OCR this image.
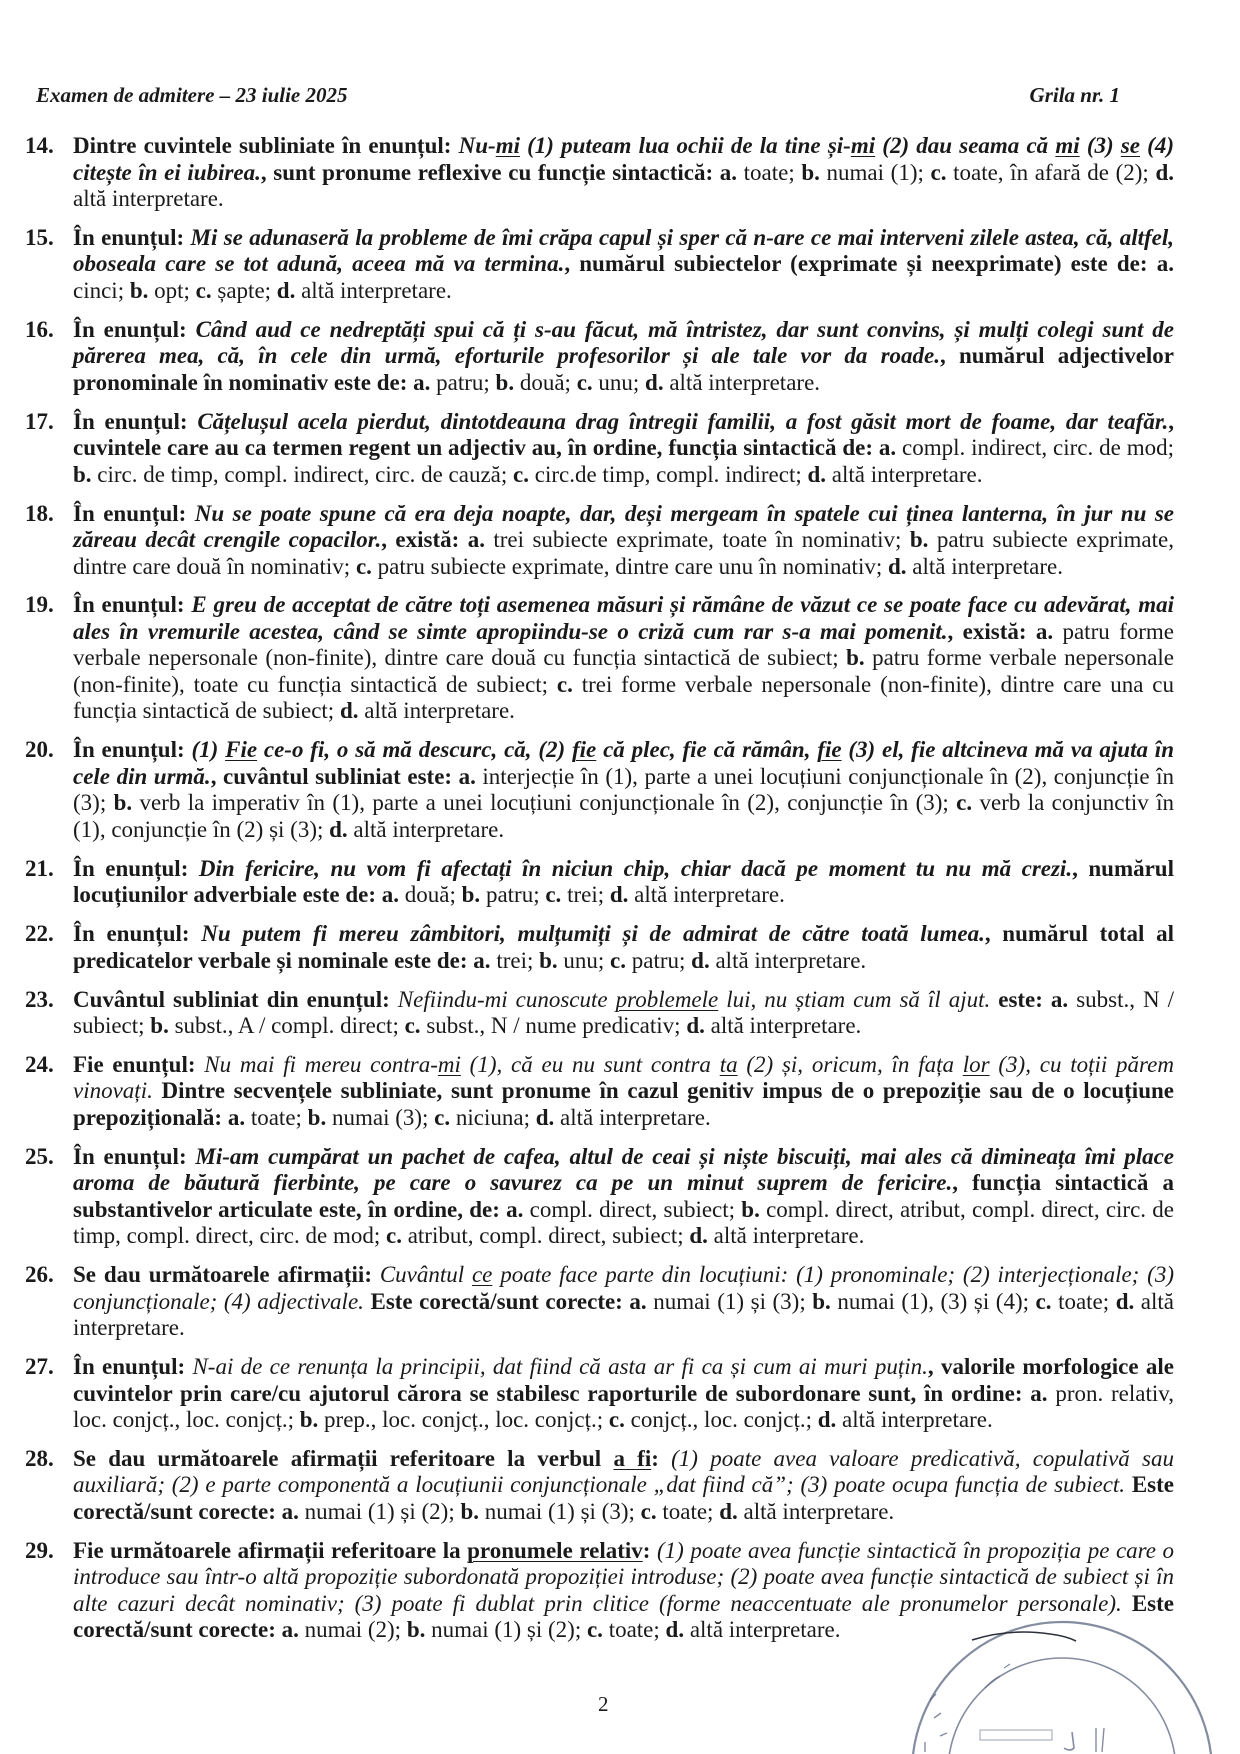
Examen de admitere – 23 iulie 2025	Grila nr. 1
14. Dintre cuvintele subliniate în enunțul: Nu-mi (1) puteam lua ochii de la tine și-mi (2) dau seama că mi (3) se (4) citește în ei iubirea., sunt pronume reflexive cu funcție sintactică: a. toate; b. numai (1); c. toate, în afară de (2); d. altă interpretare.
15. În enunțul: Mi se adunaseră la probleme de îmi crăpa capul și sper că n-are ce mai interveni zilele astea, că, altfel, oboseala care se tot adună, aceea mă va termina., numărul subiectelor (exprimate și neexprimate) este de: a. cinci; b. opt; c. șapte; d. altă interpretare.
16. În enunțul: Când aud ce nedreptăți spui că ți s-au făcut, mă întristez, dar sunt convins, și mulți colegi sunt de părerea mea, că, în cele din urmă, eforturile profesorilor și ale tale vor da roade., numărul adjectivelor pronominale în nominativ este de: a. patru; b. două; c. unu; d. altă interpretare.
17. În enunțul: Cățelușul acela pierdut, dintotdeauna drag întregii familii, a fost găsit mort de foame, dar teafăr., cuvintele care au ca termen regent un adjectiv au, în ordine, funcția sintactică de: a. compl. indirect, circ. de mod; b. circ. de timp, compl. indirect, circ. de cauză; c. circ.de timp, compl. indirect; d. altă interpretare.
18. În enunțul: Nu se poate spune că era deja noapte, dar, deși mergeam în spatele cui ținea lanterna, în jur nu se zăreau decât crengile copacilor., există: a. trei subiecte exprimate, toate în nominativ; b. patru subiecte exprimate, dintre care două în nominativ; c. patru subiecte exprimate, dintre care unu în nominativ; d. altă interpretare.
19. În enunțul: E greu de acceptat de către toți asemenea măsuri și rămâne de văzut ce se poate face cu adevărat, mai ales în vremurile acestea, când se simte apropiindu-se o criză cum rar s-a mai pomenit., există: a. patru forme verbale nepersonale (non-finite), dintre care două cu funcția sintactică de subiect; b. patru forme verbale nepersonale (non-finite), toate cu funcția sintactică de subiect; c. trei forme verbale nepersonale (non-finite), dintre care una cu funcția sintactică de subiect; d. altă interpretare.
20. În enunțul: (1) Fie ce-o fi, o să mă descurc, că, (2) fie că plec, fie că rămân, fie (3) el, fie altcineva mă va ajuta în cele din urmă., cuvântul subliniat este: a. interjecție în (1), parte a unei locuțiuni conjuncționale în (2), conjuncție în (3); b. verb la imperativ în (1), parte a unei locuțiuni conjuncționale în (2), conjuncție în (3); c. verb la conjunctiv în (1), conjuncție în (2) și (3); d. altă interpretare.
21. În enunțul: Din fericire, nu vom fi afectați în niciun chip, chiar dacă pe moment tu nu mă crezi., numărul locuțiunilor adverbiale este de: a. două; b. patru; c. trei; d. altă interpretare.
22. În enunțul: Nu putem fi mereu zâmbitori, mulțumiți și de admirat de către toată lumea., numărul total al predicatelor verbale și nominale este de: a. trei; b. unu; c. patru; d. altă interpretare.
23. Cuvântul subliniat din enunțul: Nefiindu-mi cunoscute problemele lui, nu știam cum să îl ajut. este: a. subst., N / subiect; b. subst., A / compl. direct; c. subst., N / nume predicativ; d. altă interpretare.
24. Fie enunțul: Nu mai fi mereu contra-mi (1), că eu nu sunt contra ta (2) și, oricum, în fața lor (3), cu toții părem vinovați. Dintre secvențele subliniate, sunt pronume în cazul genitiv impus de o prepoziție sau de o locuțiune prepozițională: a. toate; b. numai (3); c. niciuna; d. altă interpretare.
25. În enunțul: Mi-am cumpărat un pachet de cafea, altul de ceai și niște biscuiți, mai ales că dimineața îmi place aroma de băutură fierbinte, pe care o savurez ca pe un minut suprem de fericire., funcția sintactică a substantivelor articulate este, în ordine, de: a. compl. direct, subiect; b. compl. direct, atribut, compl. direct, circ. de timp, compl. direct, circ. de mod; c. atribut, compl. direct, subiect; d. altă interpretare.
26. Se dau următoarele afirmații: Cuvântul ce poate face parte din locuțiuni: (1) pronominale; (2) interjecționale; (3) conjuncționale; (4) adjectivale. Este corectă/sunt corecte: a. numai (1) și (3); b. numai (1), (3) și (4); c. toate; d. altă interpretare.
27. În enunțul: N-ai de ce renunța la principii, dat fiind că asta ar fi ca și cum ai muri puțin., valorile morfologice ale cuvintelor prin care/cu ajutorul cărora se stabilesc raporturile de subordonare sunt, în ordine: a. pron. relativ, loc. conjcț., loc. conjcț.; b. prep., loc. conjcț., loc. conjcț.; c. conjcț., loc. conjcț.; d. altă interpretare.
28. Se dau următoarele afirmații referitoare la verbul a fi: (1) poate avea valoare predicativă, copulativă sau auxiliară; (2) e parte componentă a locuțiunii conjuncționale „dat fiind că”; (3) poate ocupa funcția de subiect. Este corectă/sunt corecte: a. numai (1) și (2); b. numai (1) și (3); c. toate; d. altă interpretare.
29. Fie următoarele afirmații referitoare la pronumele relativ: (1) poate avea funcție sintactică în propoziția pe care o introduce sau într-o altă propoziție subordonată propoziției introduse; (2) poate avea funcție sintactică de subiect și în alte cazuri decât nominativ; (3) poate fi dublat prin clitice (forme neaccentuate ale pronumelor personale). Este corectă/sunt corecte: a. numai (2); b. numai (1) și (2); c. toate; d. altă interpretare.
2
